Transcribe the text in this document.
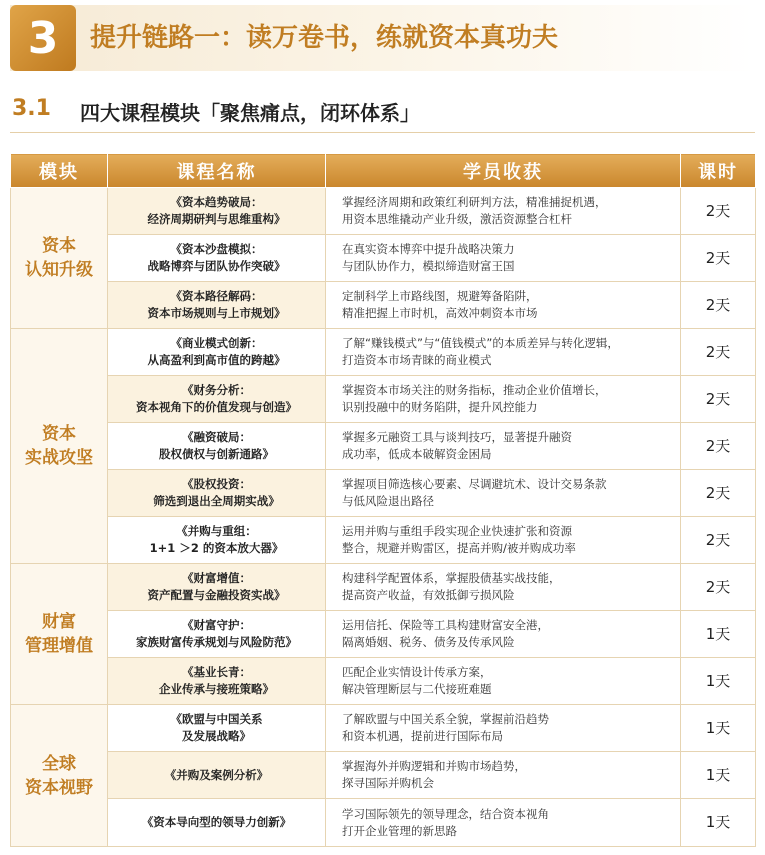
3	提升链路一：读万卷书，练就资本真功夫
3.1 四大课程模块「聚焦痛点，闭环体系」
模块	课程名称	学员收获	课时

资本
认知升级	《资本趋势破局：
经济周期研判与思维重构》	掌握经济周期和政策红利研判方法，精准捕捉机遇，
用资本思维撬动产业升级，激活资源整合杠杆	2天

	《资本沙盘模拟：
战略博弈与团队协作突破》	在真实资本博弈中提升战略决策力
与团队协作力，模拟缔造财富王国	2天

	《资本路径解码：
资本市场规则与上市规划》	定制科学上市路线图，规避筹备陷阱，
精准把握上市时机，高效冲刺资本市场	2天

资本
实战攻坚	《商业模式创新：
从高盈利到高市值的跨越》	了解“赚钱模式”与“值钱模式”的本质差异与转化逻辑，
打造资本市场青睐的商业模式	2天

	《财务分析：
资本视角下的价值发现与创造》	掌握资本市场关注的财务指标，推动企业价值增长，
识别投融中的财务陷阱，提升风控能力	2天

	《融资破局：
股权债权与创新通路》	掌握多元融资工具与谈判技巧，显著提升融资
成功率，低成本破解资金困局	2天

	《股权投资：
筛选到退出全周期实战》	掌握项目筛选核心要素、尽调避坑术、设计交易条款
与低风险退出路径	2天

	《并购与重组：
1+1 ＞2 的资本放大器》	运用并购与重组手段实现企业快速扩张和资源
整合，规避并购雷区，提高并购/被并购成功率	2天

财富
管理增值	《财富增值：
资产配置与金融投资实战》	构建科学配置体系，掌握股债基实战技能，
提高资产收益，有效抵御亏损风险	2天

	《财富守护：
家族财富传承规划与风险防范》	运用信托、保险等工具构建财富安全港，
隔离婚姻、税务、债务及传承风险	1天

	《基业长青：
企业传承与接班策略》	匹配企业实情设计传承方案，
解决管理断层与二代接班难题	1天

全球
资本视野	《欧盟与中国关系
及发展战略》	了解欧盟与中国关系全貌，掌握前沿趋势
和资本机遇，提前进行国际布局	1天

	《并购及案例分析》	掌握海外并购逻辑和并购市场趋势，
探寻国际并购机会	1天

	《资本导向型的领导力创新》	学习国际领先的领导理念，结合资本视角
打开企业管理的新思路	1天
